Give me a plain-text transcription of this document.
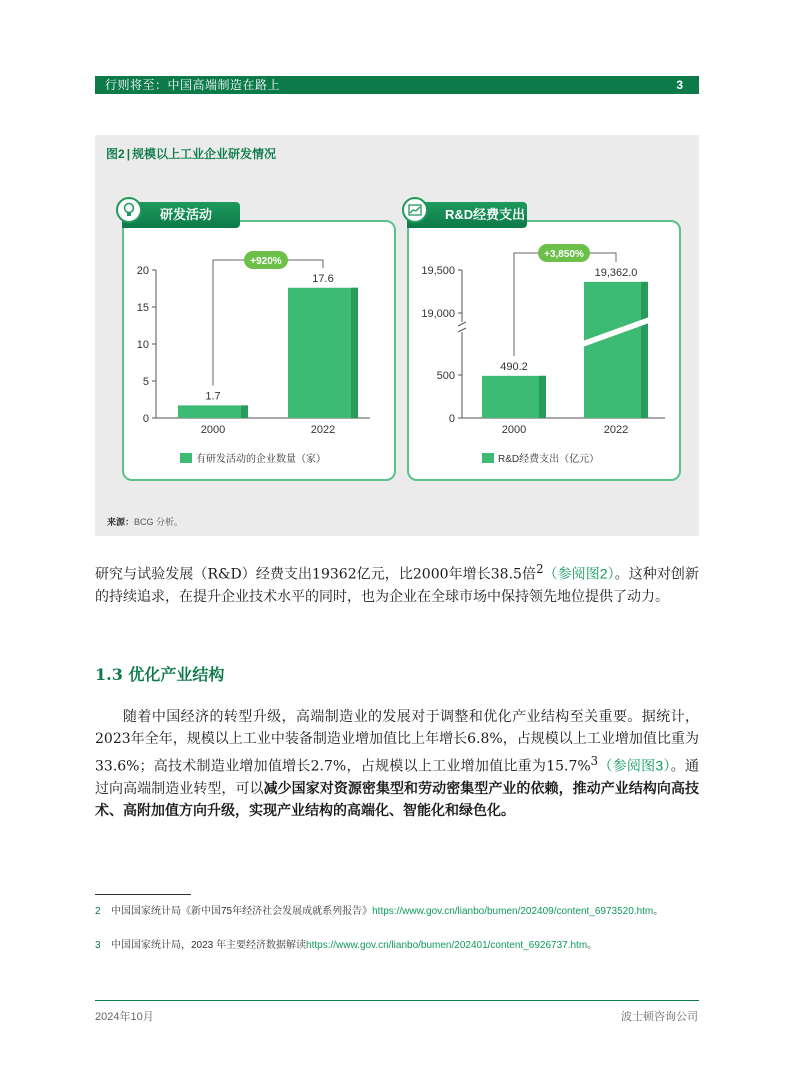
行则将至：中国高端制造在路上	3
图2 | 规模以上工业企业研发情况
研发活动	R&D经费支出
0
5
10
15
20
1.7
2000
17.6
2022
+920%
0
500
19,000
19,500
490.2
2000
19,362.0
2022
+3,850%
有研发活动的企业数量（家）	R&D经费支出（亿元）
来源：BCG 分析。
研究与试验发展（R&D）经费支出19362亿元，比2000年增长38.5倍$^2$（参阅图2）。这种对创新的持续追求，在提升企业技术水平的同时，也为企业在全球市场中保持领先地位提供了动力。
1.3 优化产业结构
随着中国经济的转型升级，高端制造业的发展对于调整和优化产业结构至关重要。据统计，2023年全年，规模以上工业中装备制造业增加值比上年增长6.8%，占规模以上工业增加值比重为33.6%；高技术制造业增加值增长2.7%，占规模以上工业增加值比重为15.7%$^3$（参阅图3）。通过向高端制造业转型，可以减少国家对资源密集型和劳动密集型产业的依赖，推动产业结构向高技术、高附加值方向升级，实现产业结构的高端化、智能化和绿色化。
2 中国国家统计局《新中国75年经济社会发展成就系列报告》https://www.gov.cn/lianbo/bumen/202409/content_6973520.htm。
3 中国国家统计局，2023 年主要经济数据解读https://www.gov.cn/lianbo/bumen/202401/content_6926737.htm。
2024年10月	波士顿咨询公司
